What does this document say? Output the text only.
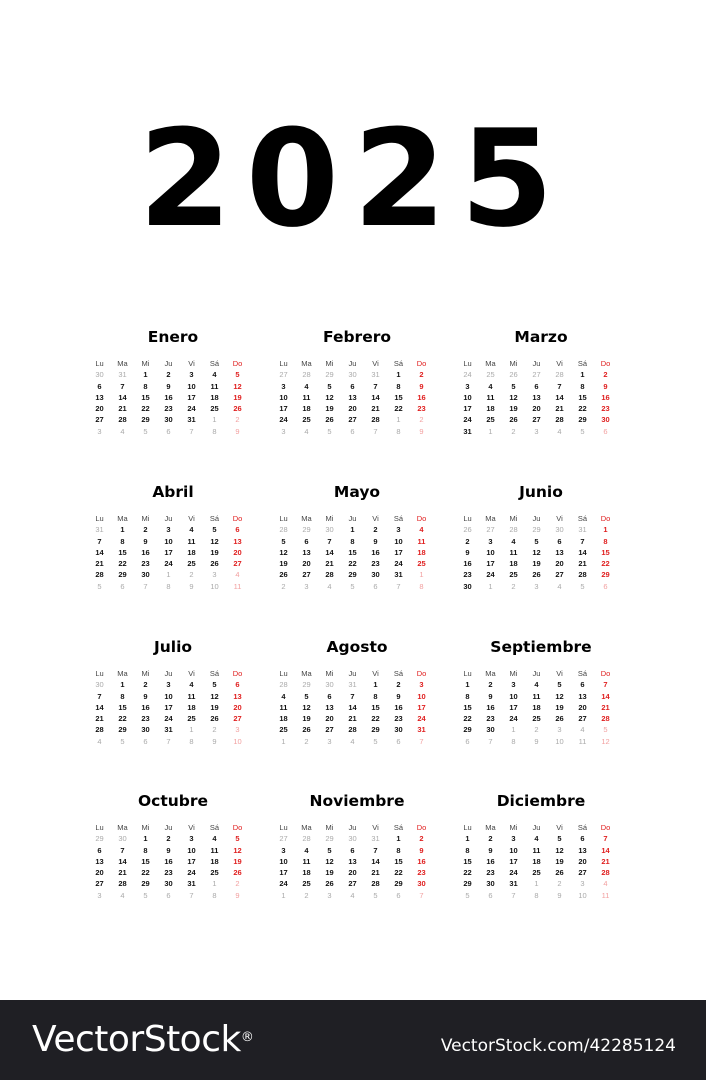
2025
Enero
Lu	Ma	Mi	Ju	Vi	Sá	Do
30	31	1	2	3	4	5
6	7	8	9	10	11	12
13	14	15	16	17	18	19
20	21	22	23	24	25	26
27	28	29	30	31	1	2
3	4	5	6	7	8	9
Febrero
Lu	Ma	Mi	Ju	Vi	Sá	Do
27	28	29	30	31	1	2
3	4	5	6	7	8	9
10	11	12	13	14	15	16
17	18	19	20	21	22	23
24	25	26	27	28	1	2
3	4	5	6	7	8	9
Marzo
Lu	Ma	Mi	Ju	Vi	Sá	Do
24	25	26	27	28	1	2
3	4	5	6	7	8	9
10	11	12	13	14	15	16
17	18	19	20	21	22	23
24	25	26	27	28	29	30
31	1	2	3	4	5	6
Abril
Lu	Ma	Mi	Ju	Vi	Sá	Do
31	1	2	3	4	5	6
7	8	9	10	11	12	13
14	15	16	17	18	19	20
21	22	23	24	25	26	27
28	29	30	1	2	3	4
5	6	7	8	9	10	11
Mayo
Lu	Ma	Mi	Ju	Vi	Sá	Do
28	29	30	1	2	3	4
5	6	7	8	9	10	11
12	13	14	15	16	17	18
19	20	21	22	23	24	25
26	27	28	29	30	31	1
2	3	4	5	6	7	8
Junio
Lu	Ma	Mi	Ju	Vi	Sá	Do
26	27	28	29	30	31	1
2	3	4	5	6	7	8
9	10	11	12	13	14	15
16	17	18	19	20	21	22
23	24	25	26	27	28	29
30	1	2	3	4	5	6
Julio
Lu	Ma	Mi	Ju	Vi	Sá	Do
30	1	2	3	4	5	6
7	8	9	10	11	12	13
14	15	16	17	18	19	20
21	22	23	24	25	26	27
28	29	30	31	1	2	3
4	5	6	7	8	9	10
Agosto
Lu	Ma	Mi	Ju	Vi	Sá	Do
28	29	30	31	1	2	3
4	5	6	7	8	9	10
11	12	13	14	15	16	17
18	19	20	21	22	23	24
25	26	27	28	29	30	31
1	2	3	4	5	6	7
Septiembre
Lu	Ma	Mi	Ju	Vi	Sá	Do
1	2	3	4	5	6	7
8	9	10	11	12	13	14
15	16	17	18	19	20	21
22	23	24	25	26	27	28
29	30	1	2	3	4	5
6	7	8	9	10	11	12
Octubre
Lu	Ma	Mi	Ju	Vi	Sá	Do
29	30	1	2	3	4	5
6	7	8	9	10	11	12
13	14	15	16	17	18	19
20	21	22	23	24	25	26
27	28	29	30	31	1	2
3	4	5	6	7	8	9
Noviembre
Lu	Ma	Mi	Ju	Vi	Sá	Do
27	28	29	30	31	1	2
3	4	5	6	7	8	9
10	11	12	13	14	15	16
17	18	19	20	21	22	23
24	25	26	27	28	29	30
1	2	3	4	5	6	7
Diciembre
Lu	Ma	Mi	Ju	Vi	Sá	Do
1	2	3	4	5	6	7
8	9	10	11	12	13	14
15	16	17	18	19	20	21
22	23	24	25	26	27	28
29	30	31	1	2	3	4
5	6	7	8	9	10	11
VectorStock®	VectorStock.com/42285124
